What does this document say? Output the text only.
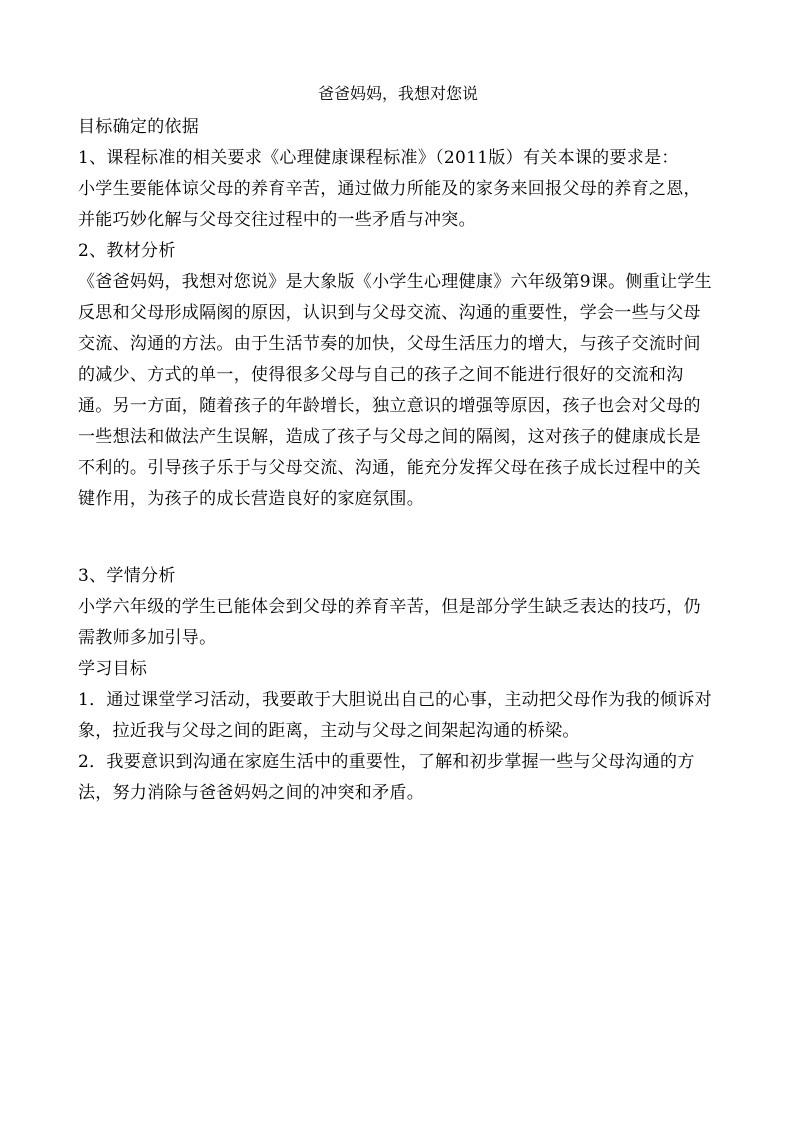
爸爸妈妈，我想对您说

目标确定的依据

1、课程标准的相关要求《心理健康课程标准》（2011版）有关本课的要求是：

小学生要能体谅父母的养育辛苦，通过做力所能及的家务来回报父母的养育之恩，并能巧妙化解与父母交往过程中的一些矛盾与冲突。

2、教材分析

《爸爸妈妈，我想对您说》是大象版《小学生心理健康》六年级第9课。侧重让学生反思和父母形成隔阂的原因，认识到与父母交流、沟通的重要性，学会一些与父母交流、沟通的方法。由于生活节奏的加快，父母生活压力的增大，与孩子交流时间的减少、方式的单一，使得很多父母与自己的孩子之间不能进行很好的交流和沟通。另一方面，随着孩子的年龄增长，独立意识的增强等原因，孩子也会对父母的一些想法和做法产生误解，造成了孩子与父母之间的隔阂，这对孩子的健康成长是不利的。引导孩子乐于与父母交流、沟通，能充分发挥父母在孩子成长过程中的关键作用，为孩子的成长营造良好的家庭氛围。

3、学情分析

小学六年级的学生已能体会到父母的养育辛苦，但是部分学生缺乏表达的技巧，仍需教师多加引导。

学习目标

1．通过课堂学习活动，我要敢于大胆说出自己的心事，主动把父母作为我的倾诉对象，拉近我与父母之间的距离，主动与父母之间架起沟通的桥梁。

2．我要意识到沟通在家庭生活中的重要性，了解和初步掌握一些与父母沟通的方法，努力消除与爸爸妈妈之间的冲突和矛盾。
